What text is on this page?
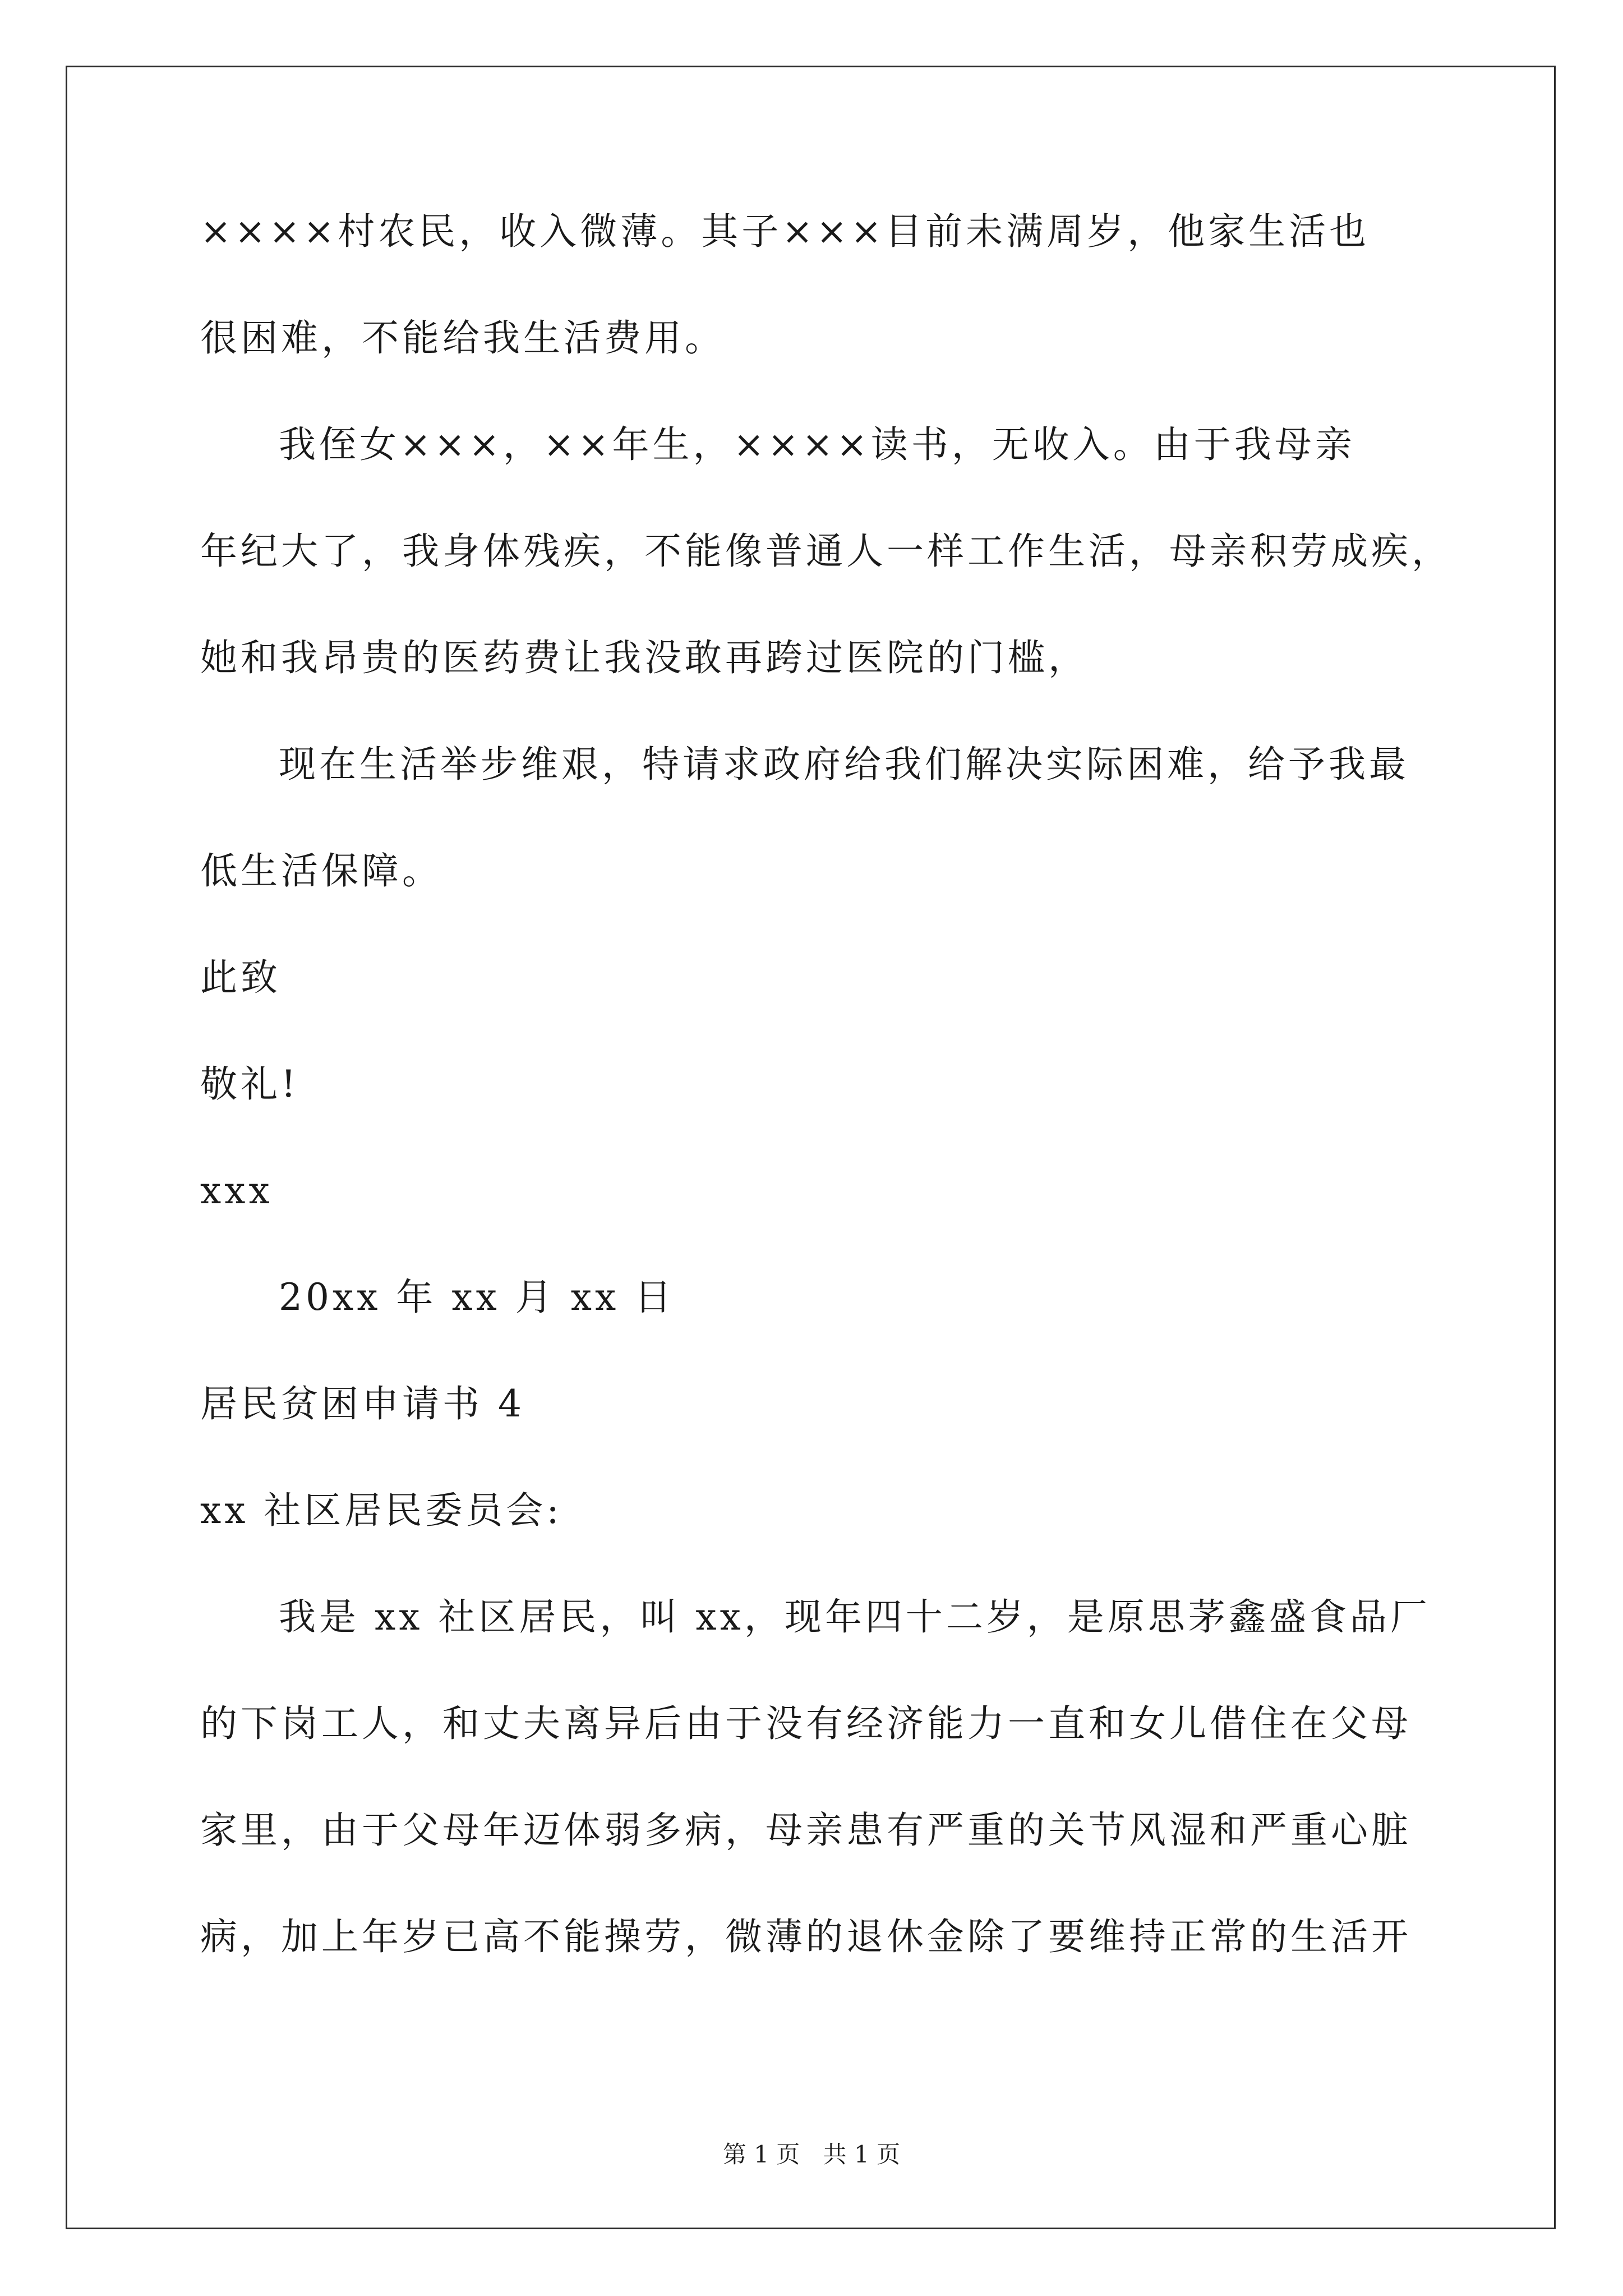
××××村农民，收入微薄。其子×××目前未满周岁，他家生活也
很困难，不能给我生活费用。
我侄女×××，××年生，××××读书，无收入。由于我母亲
年纪大了，我身体残疾，不能像普通人一样工作生活，母亲积劳成疾，
她和我昂贵的医药费让我没敢再跨过医院的门槛，
现在生活举步维艰，特请求政府给我们解决实际困难，给予我最
低生活保障。
此致
敬礼!
xxx
20xx 年 xx 月 xx 日
居民贫困申请书 4
xx 社区居民委员会:
我是 xx 社区居民，叫 xx，现年四十二岁，是原思茅鑫盛食品厂
的下岗工人，和丈夫离异后由于没有经济能力一直和女儿借住在父母
家里，由于父母年迈体弱多病，母亲患有严重的关节风湿和严重心脏
病，加上年岁已高不能操劳，微薄的退休金除了要维持正常的生活开
第 1 页 共 1 页
